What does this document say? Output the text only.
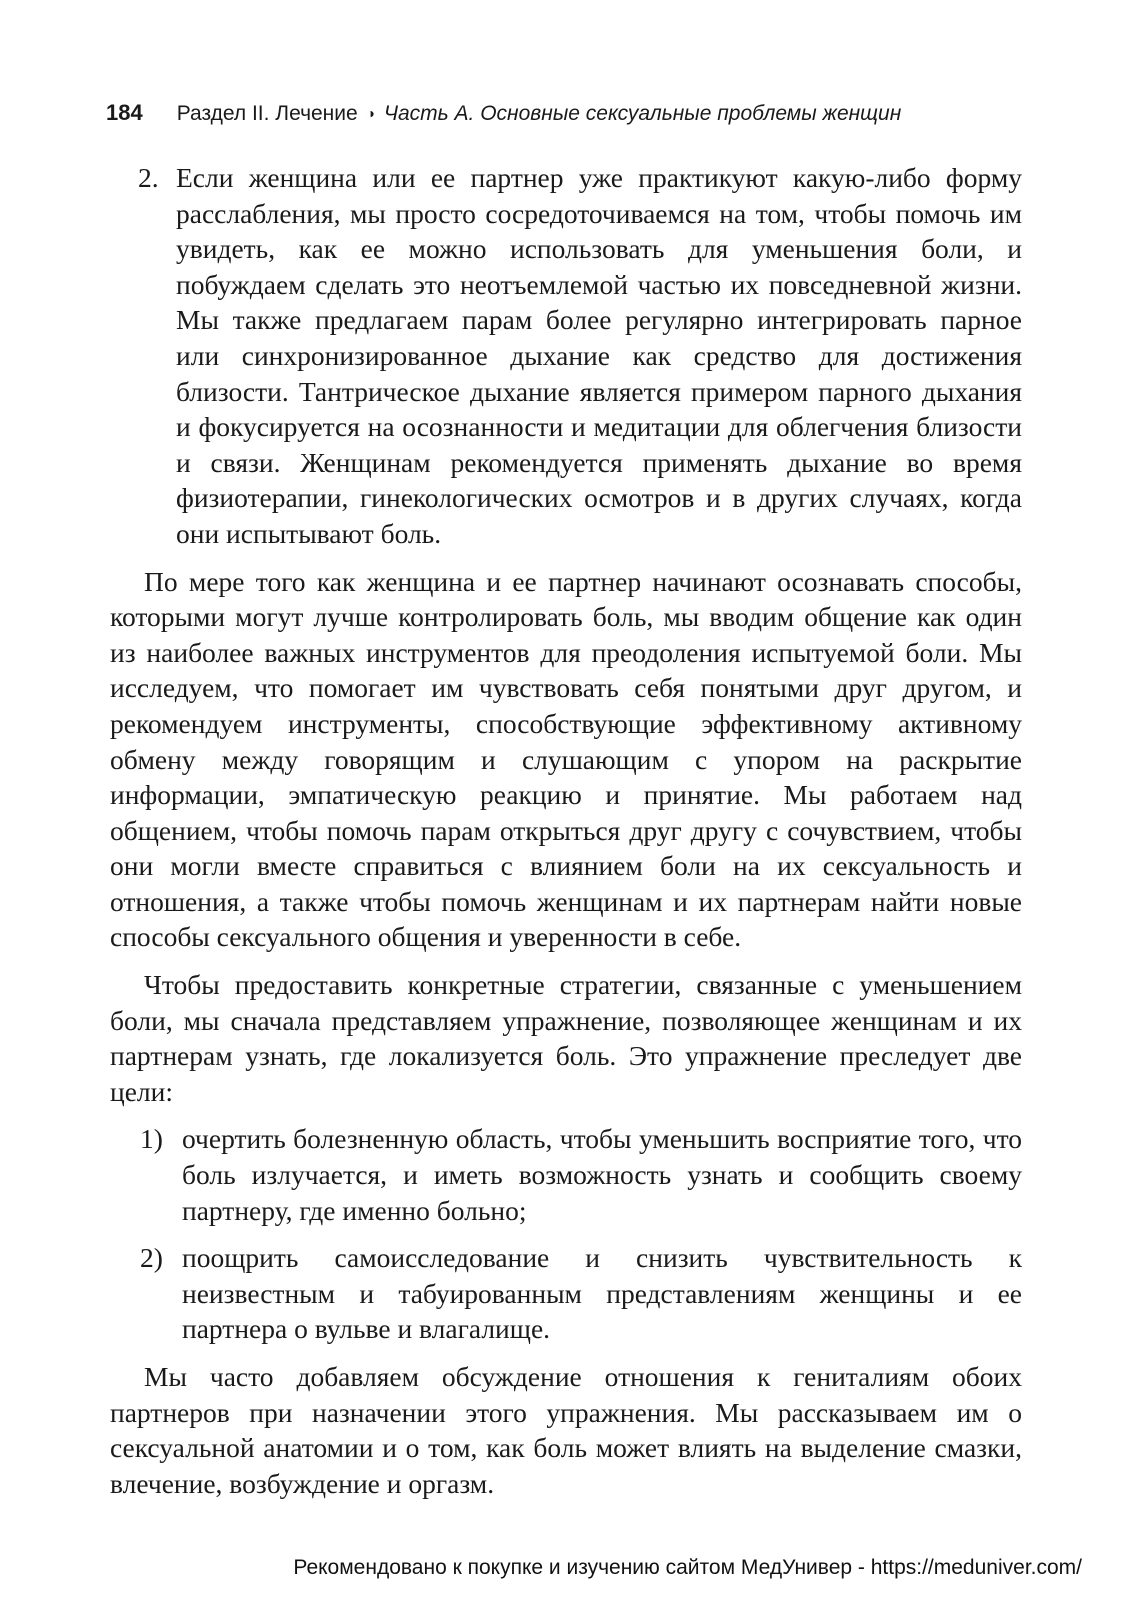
184 Раздел II. Лечение ◑ Часть А. Основные сексуальные проблемы женщин
2. Если женщина или ее партнер уже практикуют какую-либо форму расслабления, мы просто сосредоточиваемся на том, чтобы помочь им увидеть, как ее можно использовать для уменьшения боли, и побуждаем сделать это неотъемлемой частью их повседневной жизни. Мы также предлагаем парам более регулярно интегрировать парное или синхронизированное дыхание как средство для достижения близости. Тантрическое дыхание является примером парного дыхания и фокусируется на осознанности и медитации для облегчения близости и связи. Женщинам рекомендуется применять дыхание во время физиотерапии, гинекологических осмотров и в других случаях, когда они испытывают боль.

По мере того как женщина и ее партнер начинают осознавать способы, которыми могут лучше контролировать боль, мы вводим общение как один из наиболее важных инструментов для преодоления испытуемой боли. Мы исследуем, что помогает им чувствовать себя понятыми друг другом, и рекомендуем инструменты, способствующие эффективному активному обмену между говорящим и слушающим с упором на раскрытие информации, эмпатическую реакцию и принятие. Мы работаем над общением, чтобы помочь парам открыться друг другу с сочувствием, чтобы они могли вместе справиться с влиянием боли на их сексуальность и отношения, а также чтобы помочь женщинам и их партнерам найти новые способы сексуального общения и уверенности в себе.

Чтобы предоставить конкретные стратегии, связанные с уменьшением боли, мы сначала представляем упражнение, позволяющее женщинам и их партнерам узнать, где локализуется боль. Это упражнение преследует две цели:

1) очертить болезненную область, чтобы уменьшить восприятие того, что боль излучается, и иметь возможность узнать и сообщить своему партнеру, где именно больно;
2) поощрить самоисследование и снизить чувствительность к неизвестным и табуированным представлениям женщины и ее партнера о вульве и влагалище.

Мы часто добавляем обсуждение отношения к гениталиям обоих партнеров при назначении этого упражнения. Мы рассказываем им о сексуальной анатомии и о том, как боль может влиять на выделение смазки, влечение, возбуждение и оргазм.

Рекомендовано к покупке и изучению сайтом МедУнивер - https://meduniver.com/
